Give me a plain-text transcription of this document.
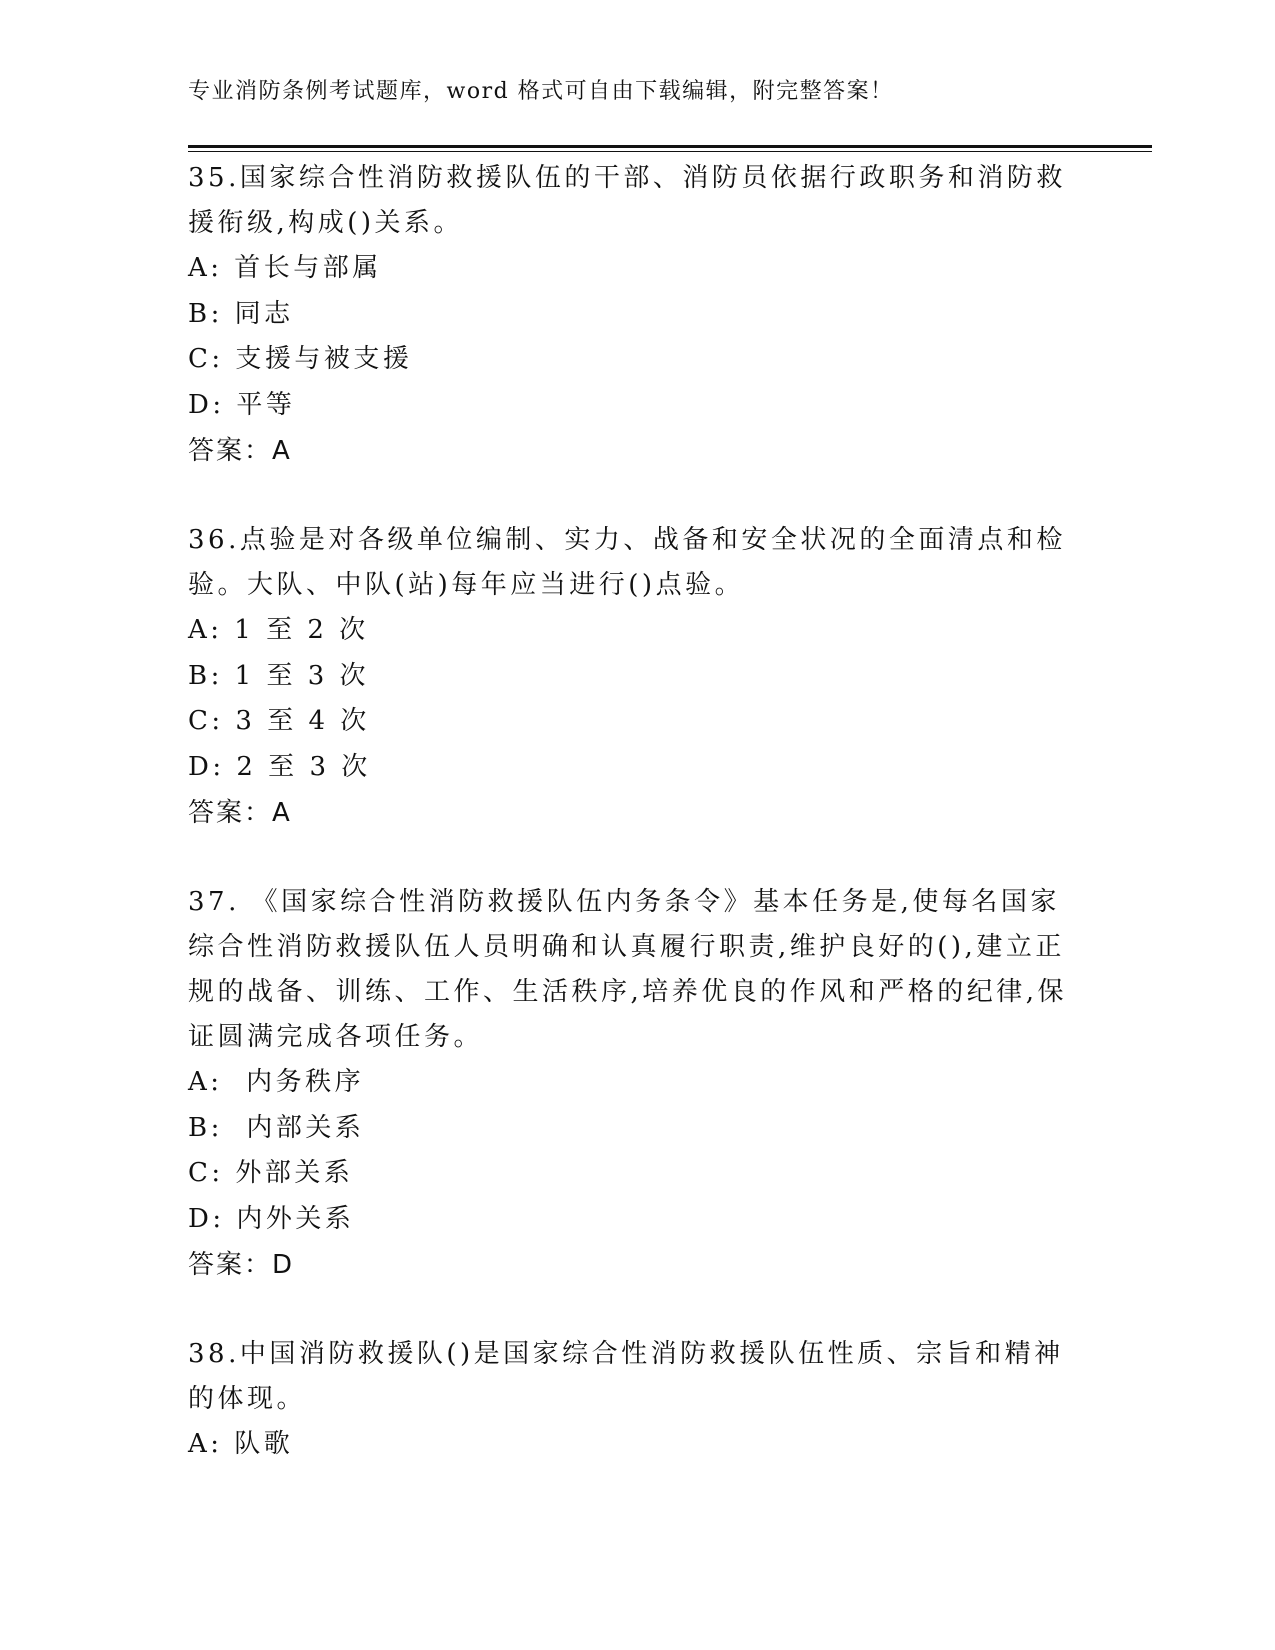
专业消防条例考试题库，word 格式可自由下载编辑，附完整答案！

35.国家综合性消防救援队伍的干部、消防员依据行政职务和消防救援衔级,构成()关系。

A: 首长与部属
B: 同志
C: 支援与被支援
D: 平等
答案：A

36.点验是对各级单位编制、实力、战备和安全状况的全面清点和检验。大队、中队(站)每年应当进行()点验。

A: 1 至 2 次
B: 1 至 3 次
C: 3 至 4 次
D: 2 至 3 次
答案：A

37. 《国家综合性消防救援队伍内务条令》基本任务是,使每名国家综合性消防救援队伍人员明确和认真履行职责,维护良好的(),建立正 规的战备、训练、工作、生活秩序,培养优良的作风和严格的纪律,保证圆满完成各项任务。

A:  内务秩序
B:  内部关系
C: 外部关系
D: 内外关系
答案：D

38.中国消防救援队()是国家综合性消防救援队伍性质、宗旨和精神的体现。

A: 队歌
